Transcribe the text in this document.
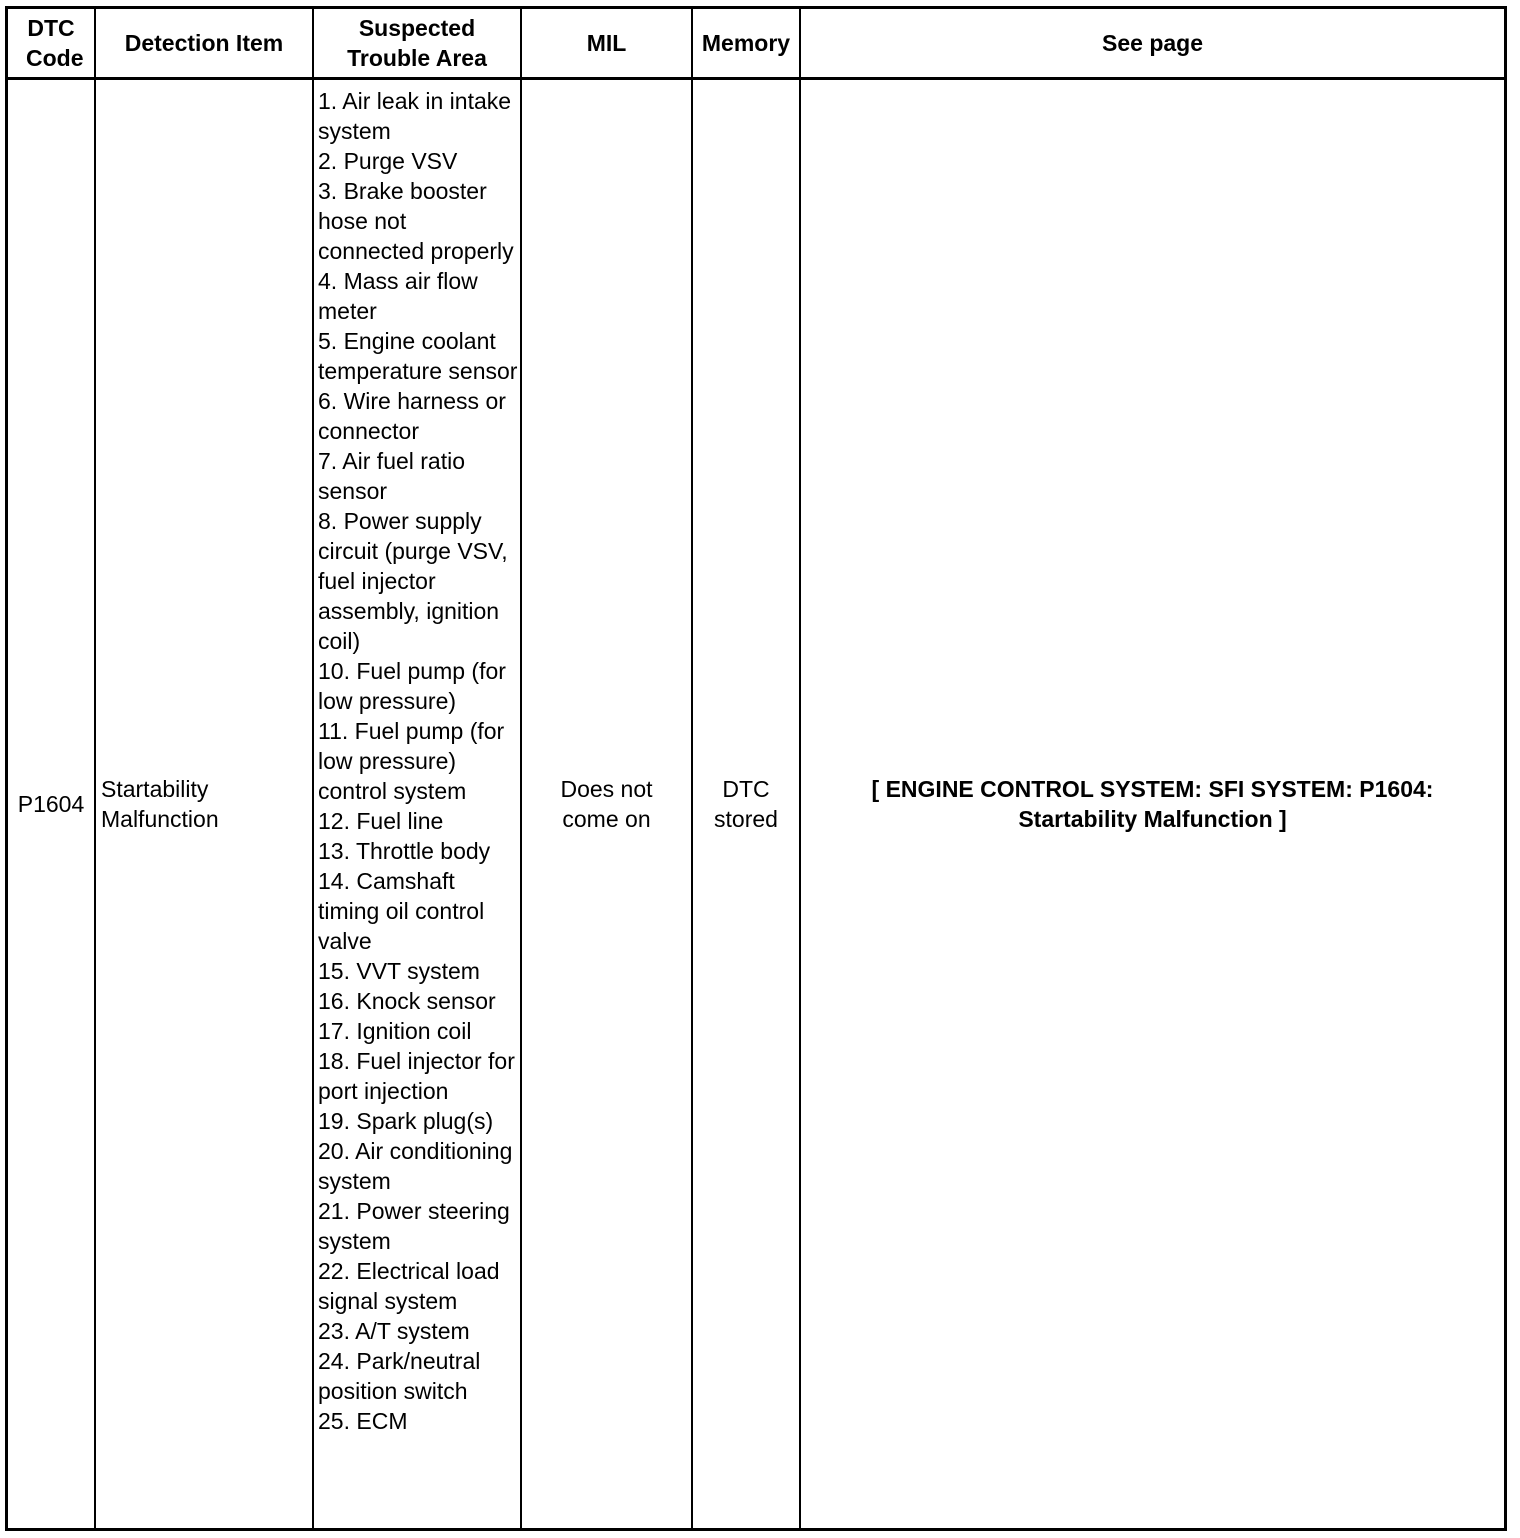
DTC Code
Detection Item
Suspected Trouble Area
MIL	Memory	See page
P1604
Startability Malfunction
1. Air leak in intake system
2. Purge VSV
3. Brake booster hose not connected properly
4. Mass air flow meter
5. Engine coolant temperature sensor
6. Wire harness or connector
7. Air fuel ratio sensor
8. Power supply circuit (purge VSV, fuel injector assembly, ignition coil)
10. Fuel pump (for low pressure)
11. Fuel pump (for low pressure) control system
12. Fuel line
13. Throttle body
14. Camshaft timing oil control valve
15. VVT system
16. Knock sensor
17. Ignition coil
18. Fuel injector for port injection
19. Spark plug(s)
20. Air conditioning system
21. Power steering system
22. Electrical load signal system
23. A/T system
24. Park/neutral position switch
25. ECM
Does not come on
DTC stored
[ ENGINE CONTROL SYSTEM: SFI SYSTEM: P1604: Startability Malfunction ]
